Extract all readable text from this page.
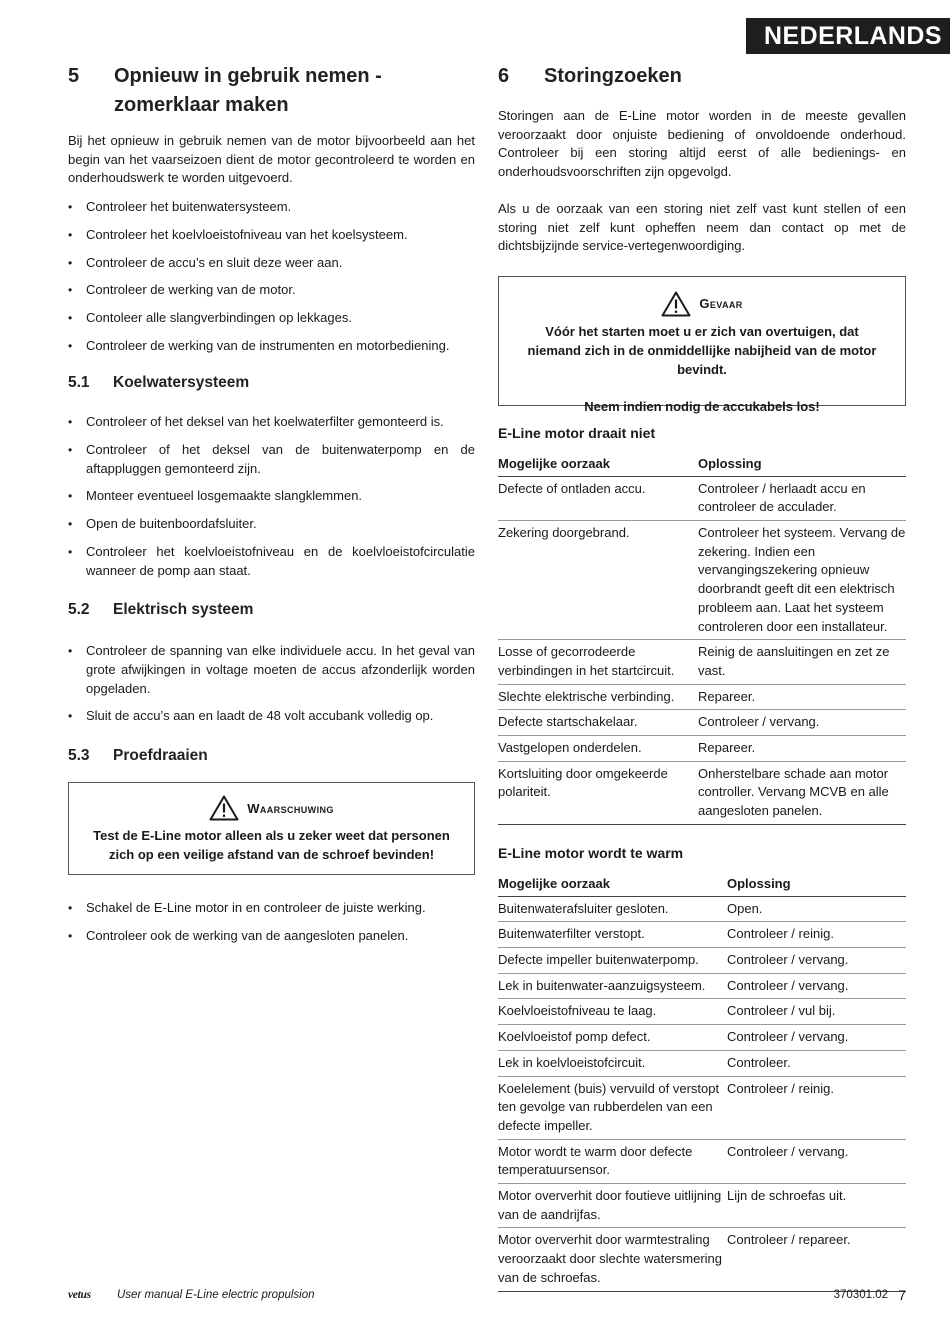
NEDERLANDS
5	Opnieuw in gebruik nemen -
zomerklaar maken

Bij het opnieuw in gebruik nemen van de motor bijvoorbeeld aan het begin van het vaarseizoen dient de motor gecontroleerd te worden en onderhoudswerk te worden uitgevoerd.

• Controleer het buitenwatersysteem.
• Controleer het koelvloeistofniveau van het koelsysteem.
• Controleer de accu’s en sluit deze weer aan.
• Controleer de werking van de motor.
• Contoleer alle slangverbindingen op lekkages.
• Controleer de werking van de instrumenten en motorbediening.
5.1	Koelwatersysteem
• Controleer of het deksel van het koelwaterfilter gemonteerd is.
• Controleer of het deksel van de buitenwaterpomp en de aftappluggen gemonteerd zijn.
• Monteer eventueel losgemaakte slangklemmen.
• Open de buitenboordafsluiter.
• Controleer het koelvloeistofniveau en de koelvloeistofcirculatie wanneer de pomp aan staat.
5.2	Elektrisch systeem
• Controleer de spanning van elke individuele accu. In het geval van grote afwijkingen in voltage moeten de accus afzonderlijk worden opgeladen.
• Sluit de accu’s aan en laadt de 48 volt accubank volledig op.
5.3	Proefdraaien
Waarschuwing
Test de E-Line motor alleen als u zeker weet dat personen zich op een veilige afstand van de schroef bevinden!
• Schakel de E-Line motor in en controleer de juiste werking.
• Controleer ook de werking van de aangesloten panelen.
6	Storingzoeken

Storingen aan de E-Line motor worden in de meeste gevallen veroorzaakt door onjuiste bediening of onvoldoende onderhoud. Controleer bij een storing altijd eerst of alle bedienings- en onderhoudsvoorschriften zijn opgevolgd.

Als u de oorzaak van een storing niet zelf vast kunt stellen of een storing niet zelf kunt opheffen neem dan contact op met de dichtsbijzijnde service-vertegenwoordiging.

Gevaar
Vóór het starten moet u er zich van overtuigen, dat niemand zich in de onmiddellijke nabijheid van de motor bevindt.
Neem indien nodig de accukabels los!
E-Line motor draait niet
Mogelijke oorzaak	Oplossing
Defecte of ontladen accu.	Controleer / herlaadt accu en controleer de acculader.
Zekering doorgebrand.	Controleer het systeem. Vervang de zekering. Indien een vervangingszekering opnieuw doorbrandt geeft dit een elektrisch probleem aan. Laat het systeem controleren door een installateur.
Losse of gecorrodeerde verbindingen in het startcircuit.	Reinig de aansluitingen en zet ze vast.
Slechte elektrische verbinding.	Repareer.
Defecte startschakelaar.	Controleer / vervang.
Vastgelopen onderdelen.	Repareer.
Kortsluiting door omgekeerde polariteit.	Onherstelbare schade aan motor controller. Vervang MCVB en alle aangesloten panelen.
E-Line motor wordt te warm
Mogelijke oorzaak	Oplossing
Buitenwaterafsluiter gesloten.	Open.
Buitenwaterfilter verstopt.	Controleer / reinig.
Defecte impeller buitenwaterpomp.	Controleer / vervang.
Lek in buitenwater-aanzuigsysteem.	Controleer / vervang.
Koelvloeistofniveau te laag.	Controleer / vul bij.
Koelvloeistof pomp defect.	Controleer / vervang.
Lek in koelvloeistofcircuit.	Controleer.
Koelelement (buis) vervuild of verstopt ten gevolge van rubberdelen van een defecte impeller.	Controleer / reinig.
Motor wordt te warm door defecte temperatuursensor.	Controleer / vervang.
Motor oververhit door foutieve uitlijning van de aandrijfas.	Lijn de schroefas uit.
Motor oververhit door warmtestraling veroorzaakt door slechte watersmering van de schroefas.	Controleer / repareer.
vetus User manual E-Line electric propulsion	370301.02 7
